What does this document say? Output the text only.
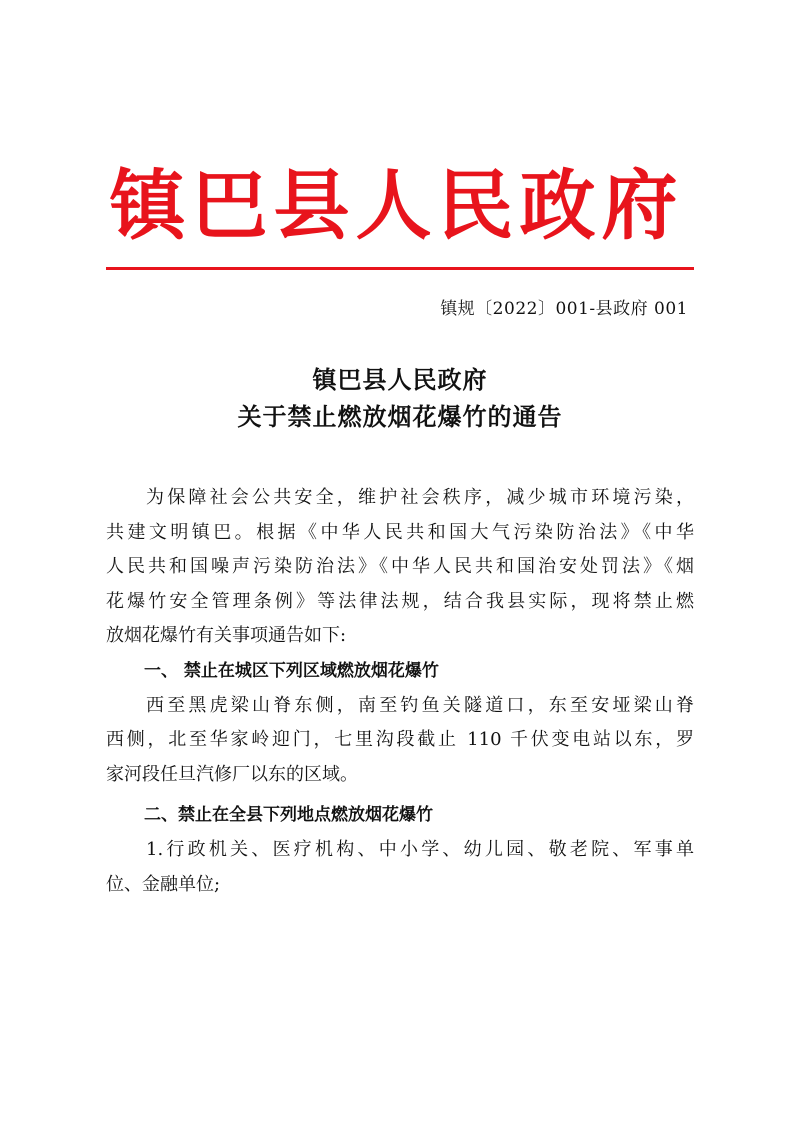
镇巴县人民政府
镇规〔2022〕001-县政府 001
镇巴县人民政府
关于禁止燃放烟花爆竹的通告
为保障社会公共安全，维护社会秩序，减少城市环境污染，
共建文明镇巴。根据《中华人民共和国大气污染防治法》《中华
人民共和国噪声污染防治法》《中华人民共和国治安处罚法》《烟
花爆竹安全管理条例》等法律法规，结合我县实际，现将禁止燃
放烟花爆竹有关事项通告如下:
一、 禁止在城区下列区域燃放烟花爆竹
西至黑虎梁山脊东侧，南至钓鱼关隧道口，东至安垭梁山脊
西侧，北至华家岭迎门，七里沟段截止 110 千伏变电站以东，罗
家河段任旦汽修厂以东的区域。
二、禁止在全县下列地点燃放烟花爆竹
1.行政机关、医疗机构、中小学、幼儿园、敬老院、军事单
位、金融单位;
